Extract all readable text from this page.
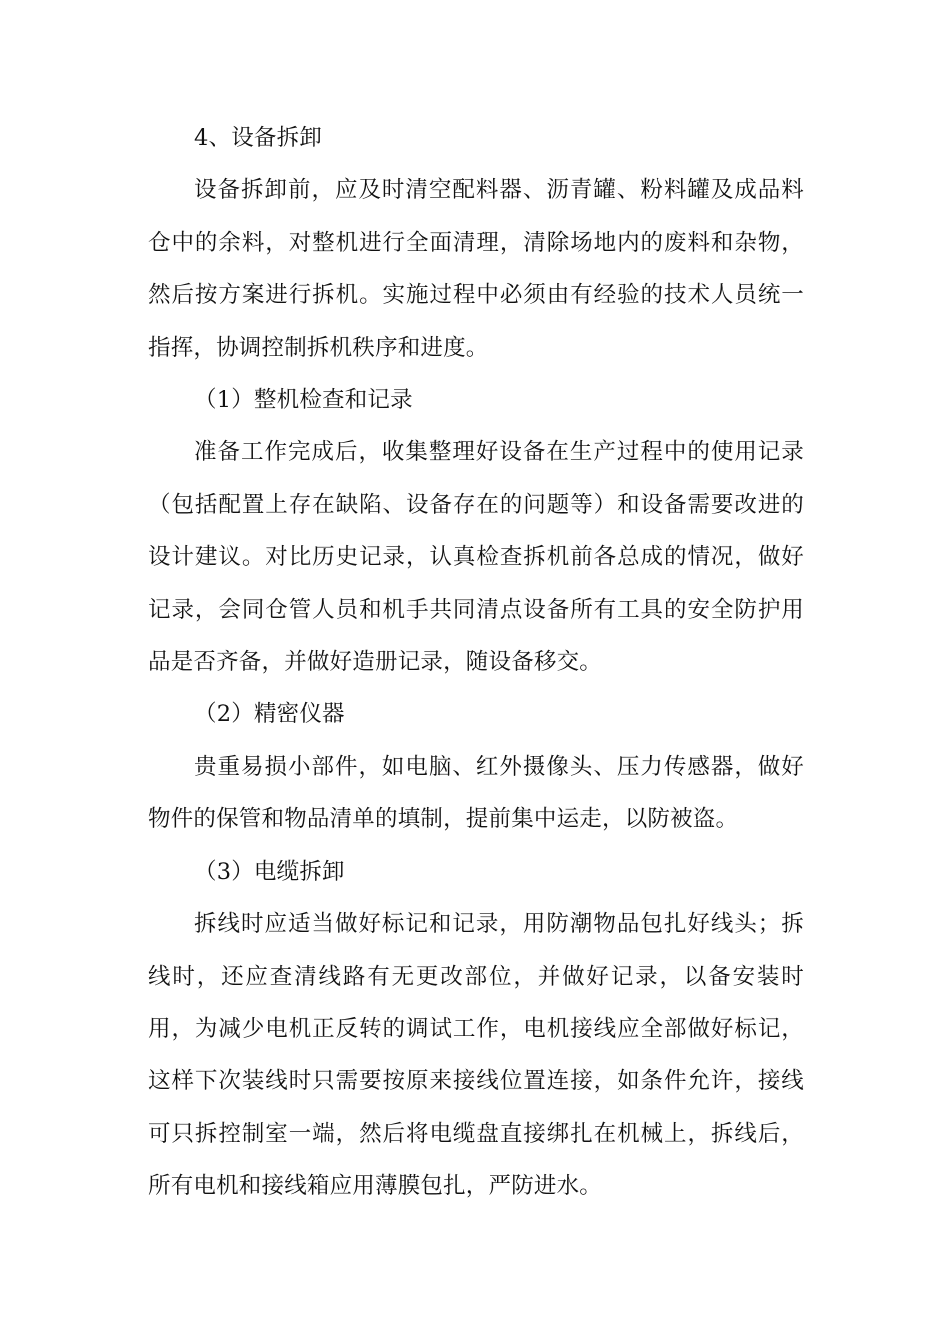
4、设备拆卸

设备拆卸前，应及时清空配料器、沥青罐、粉料罐及成品料仓中的余料，对整机进行全面清理，清除场地内的废料和杂物，然后按方案进行拆机。实施过程中必须由有经验的技术人员统一指挥，协调控制拆机秩序和进度。

（1）整机检查和记录

准备工作完成后，收集整理好设备在生产过程中的使用记录（包括配置上存在缺陷、设备存在的问题等）和设备需要改进的设计建议。对比历史记录，认真检查拆机前各总成的情况，做好记录，会同仓管人员和机手共同清点设备所有工具的安全防护用品是否齐备，并做好造册记录，随设备移交。

（2）精密仪器

贵重易损小部件，如电脑、红外摄像头、压力传感器，做好物件的保管和物品清单的填制，提前集中运走，以防被盗。

（3）电缆拆卸

拆线时应适当做好标记和记录，用防潮物品包扎好线头；拆线时，还应查清线路有无更改部位，并做好记录，以备安装时用，为减少电机正反转的调试工作，电机接线应全部做好标记，这样下次装线时只需要按原来接线位置连接，如条件允许，接线可只拆控制室一端，然后将电缆盘直接绑扎在机械上，拆线后，所有电机和接线箱应用薄膜包扎，严防进水。
